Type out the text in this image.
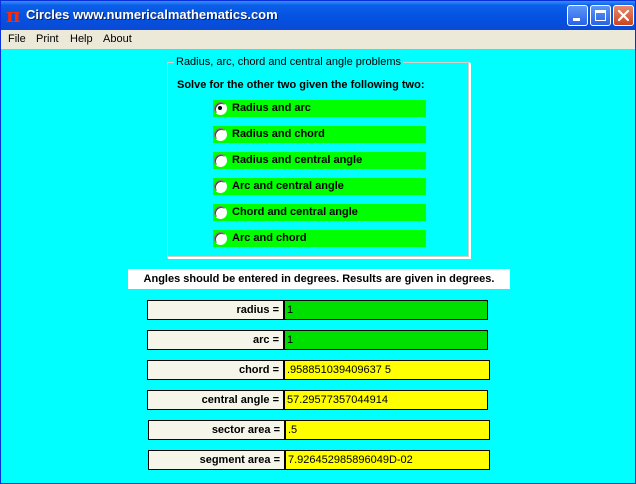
π Circles www.numericalmathematics.com
File Print Help About
Radius, arc, chord and central angle problems
Solve for the other two given the following two:
Radius and arc
Radius and chord
Radius and central angle
Arc and central angle
Chord and central angle
Arc and chord
Angles should be entered in degrees. Results are given in degrees.
radius = 1
arc = 1
chord = .958851039409637 5
central angle = 57.29577357044914
sector area = .5
segment area = 7.926452985896049D-02
